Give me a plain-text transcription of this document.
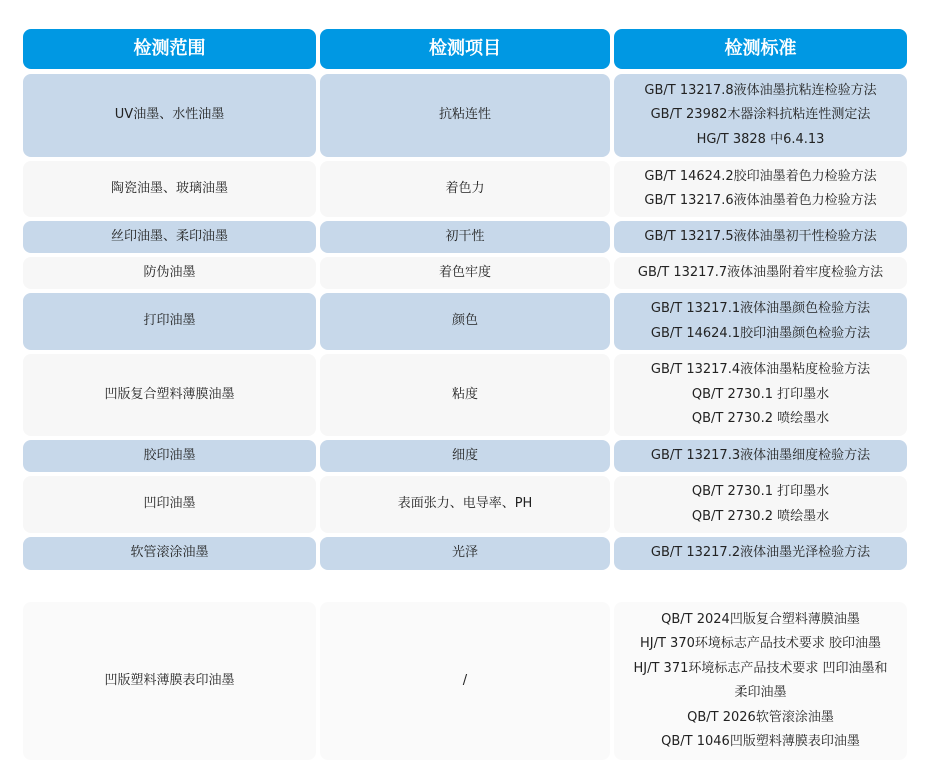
检测范围	检测项目	检测标准
UV油墨、水性油墨	抗粘连性
GB/T 13217.8液体油墨抗粘连检验方法
GB/T 23982木器涂料抗粘连性测定法
HG/T 3828 中6.4.13
陶瓷油墨、玻璃油墨	着色力
GB/T 14624.2胶印油墨着色力检验方法
GB/T 13217.6液体油墨着色力检验方法
丝印油墨、柔印油墨	初干性	GB/T 13217.5液体油墨初干性检验方法
防伪油墨	着色牢度	GB/T 13217.7液体油墨附着牢度检验方法
打印油墨	颜色
GB/T 13217.1液体油墨颜色检验方法
GB/T 14624.1胶印油墨颜色检验方法
凹版复合塑料薄膜油墨	粘度
GB/T 13217.4液体油墨粘度检验方法
QB/T 2730.1 打印墨水
QB/T 2730.2 喷绘墨水
胶印油墨	细度	GB/T 13217.3液体油墨细度检验方法
凹印油墨	表面张力、电导率、PH
QB/T 2730.1 打印墨水
QB/T 2730.2 喷绘墨水
软管滚涂油墨	光泽	GB/T 13217.2液体油墨光泽检验方法
凹版塑料薄膜表印油墨	/
QB/T 2024凹版复合塑料薄膜油墨
HJ/T 370环境标志产品技术要求 胶印油墨
HJ/T 371环境标志产品技术要求 凹印油墨和
柔印油墨
QB/T 2026软管滚涂油墨
QB/T 1046凹版塑料薄膜表印油墨
